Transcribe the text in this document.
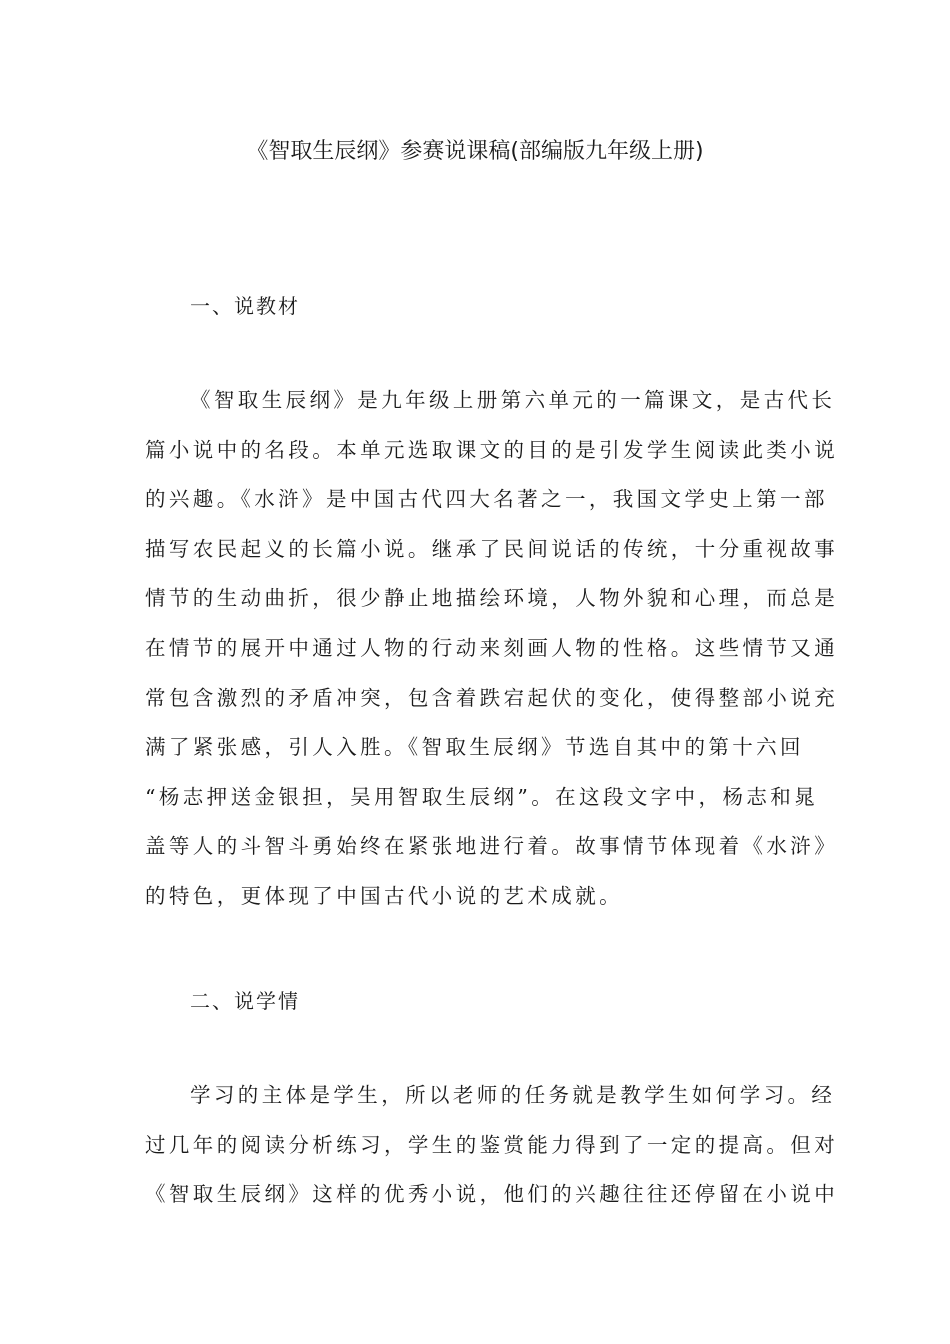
《智取生辰纲》参赛说课稿(部编版九年级上册)
一、说教材
《智取生辰纲》是九年级上册第六单元的一篇课文，是古代长
篇小说中的名段。本单元选取课文的目的是引发学生阅读此类小说
的兴趣。《水浒》是中国古代四大名著之一，我国文学史上第一部
描写农民起义的长篇小说。继承了民间说话的传统，十分重视故事
情节的生动曲折，很少静止地描绘环境，人物外貌和心理，而总是
在情节的展开中通过人物的行动来刻画人物的性格。这些情节又通
常包含激烈的矛盾冲突，包含着跌宕起伏的变化，使得整部小说充
满了紧张感，引人入胜。《智取生辰纲》节选自其中的第十六回
“杨志押送金银担，吴用智取生辰纲”。在这段文字中，杨志和晁
盖等人的斗智斗勇始终在紧张地进行着。故事情节体现着《水浒》
的特色，更体现了中国古代小说的艺术成就。
二、说学情
学习的主体是学生，所以老师的任务就是教学生如何学习。经
过几年的阅读分析练习，学生的鉴赏能力得到了一定的提高。但对
《智取生辰纲》这样的优秀小说，他们的兴趣往往还停留在小说中
